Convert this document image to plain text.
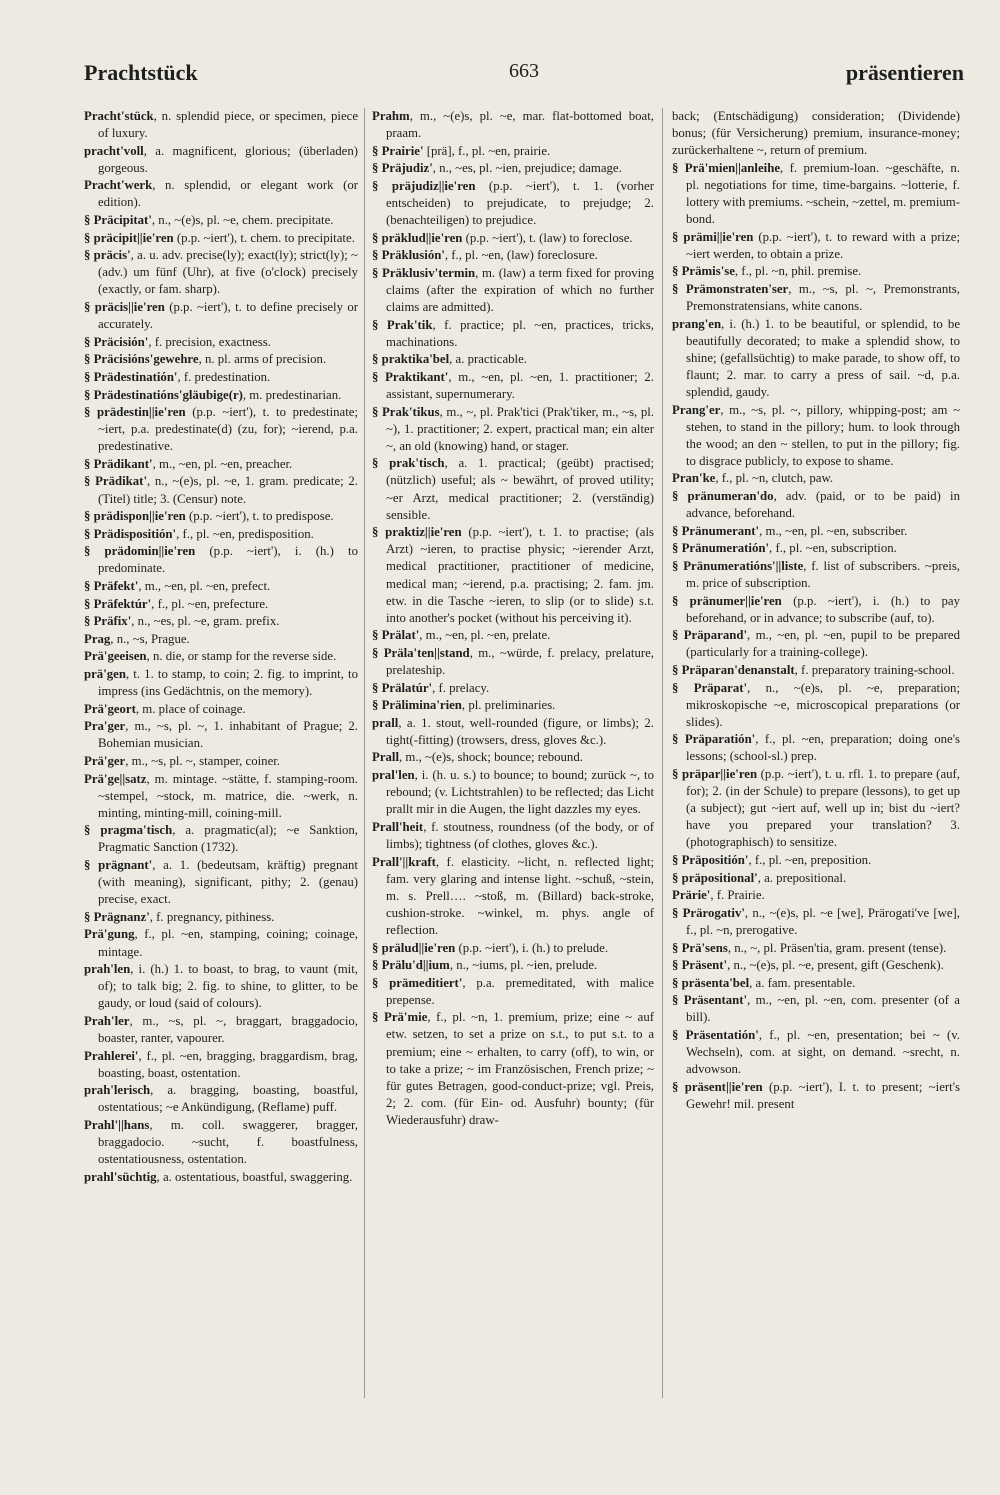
Prachtstück	663	präsentieren
Pracht'stück, n. splendid piece, or specimen, piece of luxury.
pracht'voll, a. magnificent, glorious; (überladen) gorgeous.
Pracht'werk, n. splendid, or elegant work (or edition).
§ Präcipitat', n., ~(e)s, pl. ~e, chem. precipitate.
§ präcipit||ie'ren (p.p. ~iert'), t. chem. to precipitate.
§ präcis', a. u. adv. precise(ly); exact(ly); strict(ly); ~ (adv.) um fünf (Uhr), at five (o'clock) precisely (exactly, or fam. sharp).
§ präcis||ie'ren (p.p. ~iert'), t. to define precisely or accurately.
§ Präcisión', f. precision, exactness.
§ Präcisións'gewehre, n. pl. arms of precision.
§ Prädestinatión', f. predestination.
§ Prädestinatións'gläubige(r), m. predestinarian.
§ prädestin||ie'ren (p.p. ~iert'), t. to predestinate; ~iert, p.a. predestinate(d) (zu, for); ~ierend, p.a. predestinative.
§ Prädikant', m., ~en, pl. ~en, preacher.
§ Prädikat', n., ~(e)s, pl. ~e, 1. gram. predicate; 2. (Titel) title; 3. (Censur) note.
§ prädispon||ie'ren (p.p. ~iert'), t. to predispose.
§ Prädispositión', f., pl. ~en, predisposition.
§ prädomin||ie'ren (p.p. ~iert'), i. (h.) to predominate.
§ Präfekt', m., ~en, pl. ~en, prefect.
§ Präfektúr', f., pl. ~en, prefecture.
§ Präfix', n., ~es, pl. ~e, gram. prefix.
Prag, n., ~s, Prague.
Prä'geeisen, n. die, or stamp for the reverse side.
prä'gen, t. 1. to stamp, to coin; 2. fig. to imprint, to impress (ins Gedächtnis, on the memory).
Prä'geort, m. place of coinage.
Pra'ger, m., ~s, pl. ~, 1. inhabitant of Prague; 2. Bohemian musician.
Prä'ger, m., ~s, pl. ~, stamper, coiner.
Prä'ge||satz, m. mintage. ~stätte, f. stamping-room. ~stempel, ~stock, m. matrice, die. ~werk, n. minting, minting-mill, coining-mill.
§ pragma'tisch, a. pragmatic(al); ~e Sanktion, Pragmatic Sanction (1732).
§ prägnant', a. 1. (bedeutsam, kräftig) pregnant (with meaning), significant, pithy; 2. (genau) precise, exact.
§ Prägnanz', f. pregnancy, pithiness.
Prä'gung, f., pl. ~en, stamping, coining; coinage, mintage.
prah'len, i. (h.) 1. to boast, to brag, to vaunt (mit, of); to talk big; 2. fig. to shine, to glitter, to be gaudy, or loud (said of colours).
Prah'ler, m., ~s, pl. ~, braggart, braggadocio, boaster, ranter, vapourer.
Prahlerei', f., pl. ~en, bragging, braggardism, brag, boasting, boast, ostentation.
prah'lerisch, a. bragging, boasting, boastful, ostentatious; ~e Ankündigung, (Reflame) puff.
Prahl'||hans, m. coll. swaggerer, bragger, braggadocio. ~sucht, f. boastfulness, ostentatiousness, ostentation.
prahl'süchtig, a. ostentatious, boastful, swaggering.
Prahm, m., ~(e)s, pl. ~e, mar. flat-bottomed boat, praam.
§ Prairie' [prä], f., pl. ~en, prairie.
§ Präjudiz', n., ~es, pl. ~ien, prejudice; damage.
§ präjudiz||ie'ren (p.p. ~iert'), t. 1. (vorher entscheiden) to prejudicate, to prejudge; 2. (benachteiligen) to prejudice.
§ präklud||ie'ren (p.p. ~iert'), t. (law) to foreclose.
§ Präklusión', f., pl. ~en, (law) foreclosure.
§ Präklusiv'termin, m. (law) a term fixed for proving claims (after the expiration of which no further claims are admitted).
§ Prak'tik, f. practice; pl. ~en, practices, tricks, machinations.
§ praktika'bel, a. practicable.
§ Praktikant', m., ~en, pl. ~en, 1. practitioner; 2. assistant, supernumerary.
§ Prak'tikus, m., ~, pl. Prak'tici (Prak'tiker, m., ~s, pl. ~), 1. practitioner; 2. expert, practical man; ein alter ~, an old (knowing) hand, or stager.
§ prak'tisch, a. 1. practical; (geübt) practised; (nützlich) useful; als ~ bewährt, of proved utility; ~er Arzt, medical practitioner; 2. (verständig) sensible.
§ praktiz||ie'ren (p.p. ~iert'), t. 1. to practise; (als Arzt) ~ieren, to practise physic; ~ierender Arzt, medical practitioner, practitioner of medicine, medical man; ~ierend, p.a. practising; 2. fam. jm. etw. in die Tasche ~ieren, to slip (or to slide) s.t. into another's pocket (without his perceiving it).
§ Prälat', m., ~en, pl. ~en, prelate.
§ Präla'ten||stand, m., ~würde, f. prelacy, prelature, prelateship.
§ Prälatúr', f. prelacy.
§ Prälimina'rien, pl. preliminaries.
prall, a. 1. stout, well-rounded (figure, or limbs); 2. tight(-fitting) (trowsers, dress, gloves &c.).
Prall, m., ~(e)s, shock; bounce; rebound.
pral'len, i. (h. u. s.) to bounce; to bound; zurück ~, to rebound; (v. Lichtstrahlen) to be reflected; das Licht prallt mir in die Augen, the light dazzles my eyes.
Prall'heit, f. stoutness, roundness (of the body, or of limbs); tightness (of clothes, gloves &c.).
Prall'||kraft, f. elasticity. ~licht, n. reflected light; fam. very glaring and intense light. ~schuß, ~stein, m. s. Prell…. ~stoß, m. (Billard) back-stroke, cushion-stroke. ~winkel, m. phys. angle of reflection.
§ prälud||ie'ren (p.p. ~iert'), i. (h.) to prelude.
§ Prälu'd||ium, n., ~iums, pl. ~ien, prelude.
§ prämeditiert', p.a. premeditated, with malice prepense.
§ Prä'mie, f., pl. ~n, 1. premium, prize; eine ~ auf etw. setzen, to set a prize on s.t., to put s.t. to a premium; eine ~ erhalten, to carry (off), to win, or to take a prize; ~ im Französischen, French prize; ~ für gutes Betragen, good-conduct-prize; vgl. Preis, 2; 2. com. (für Ein- od. Ausfuhr) bounty; (für Wiederausfuhr) draw-
back; (Entschädigung) consideration; (Dividende) bonus; (für Versicherung) premium, insurance-money; zurückerhaltene ~, return of premium.
§ Prä'mien||anleihe, f. premium-loan. ~geschäfte, n. pl. negotiations for time, time-bargains. ~lotterie, f. lottery with premiums. ~schein, ~zettel, m. premium-bond.
§ prämi||ie'ren (p.p. ~iert'), t. to reward with a prize; ~iert werden, to obtain a prize.
§ Prämis'se, f., pl. ~n, phil. premise.
§ Prämonstraten'ser, m., ~s, pl. ~, Premonstrants, Premonstratensians, white canons.
prang'en, i. (h.) 1. to be beautiful, or splendid, to be beautifully decorated; to make a splendid show, to shine; (gefallsüchtig) to make parade, to show off, to flaunt; 2. mar. to carry a press of sail. ~d, p.a. splendid, gaudy.
Prang'er, m., ~s, pl. ~, pillory, whipping-post; am ~ stehen, to stand in the pillory; hum. to look through the wood; an den ~ stellen, to put in the pillory; fig. to disgrace publicly, to expose to shame.
Pran'ke, f., pl. ~n, clutch, paw.
§ pränumeran'do, adv. (paid, or to be paid) in advance, beforehand.
§ Pränumerant', m., ~en, pl. ~en, subscriber.
§ Pränumeratión', f., pl. ~en, subscription.
§ Pränumeratións'||liste, f. list of subscribers. ~preis, m. price of subscription.
§ pränumer||ie'ren (p.p. ~iert'), i. (h.) to pay beforehand, or in advance; to subscribe (auf, to).
§ Präparand', m., ~en, pl. ~en, pupil to be prepared (particularly for a training-college).
§ Präparan'denanstalt, f. preparatory training-school.
§ Präparat', n., ~(e)s, pl. ~e, preparation; mikroskopische ~e, microscopical preparations (or slides).
§ Präparatión', f., pl. ~en, preparation; doing one's lessons; (school-sl.) prep.
§ präpar||ie'ren (p.p. ~iert'), t. u. rfl. 1. to prepare (auf, for); 2. (in der Schule) to prepare (lessons), to get up (a subject); gut ~iert auf, well up in; bist du ~iert? have you prepared your translation? 3. (photographisch) to sensitize.
§ Präpositión', f., pl. ~en, preposition.
§ präpositional', a. prepositional.
Prärie', f. Prairie.
§ Prärogativ', n., ~(e)s, pl. ~e [we], Prärogati've [we], f., pl. ~n, prerogative.
§ Prä'sens, n., ~, pl. Präsen'tia, gram. present (tense).
§ Präsent', n., ~(e)s, pl. ~e, present, gift (Geschenk).
§ präsenta'bel, a. fam. presentable.
§ Präsentant', m., ~en, pl. ~en, com. presenter (of a bill).
§ Präsentatión', f., pl. ~en, presentation; bei ~ (v. Wechseln), com. at sight, on demand. ~srecht, n. advowson.
§ präsent||ie'ren (p.p. ~iert'), I. t. to present; ~iert's Gewehr! mil. present
